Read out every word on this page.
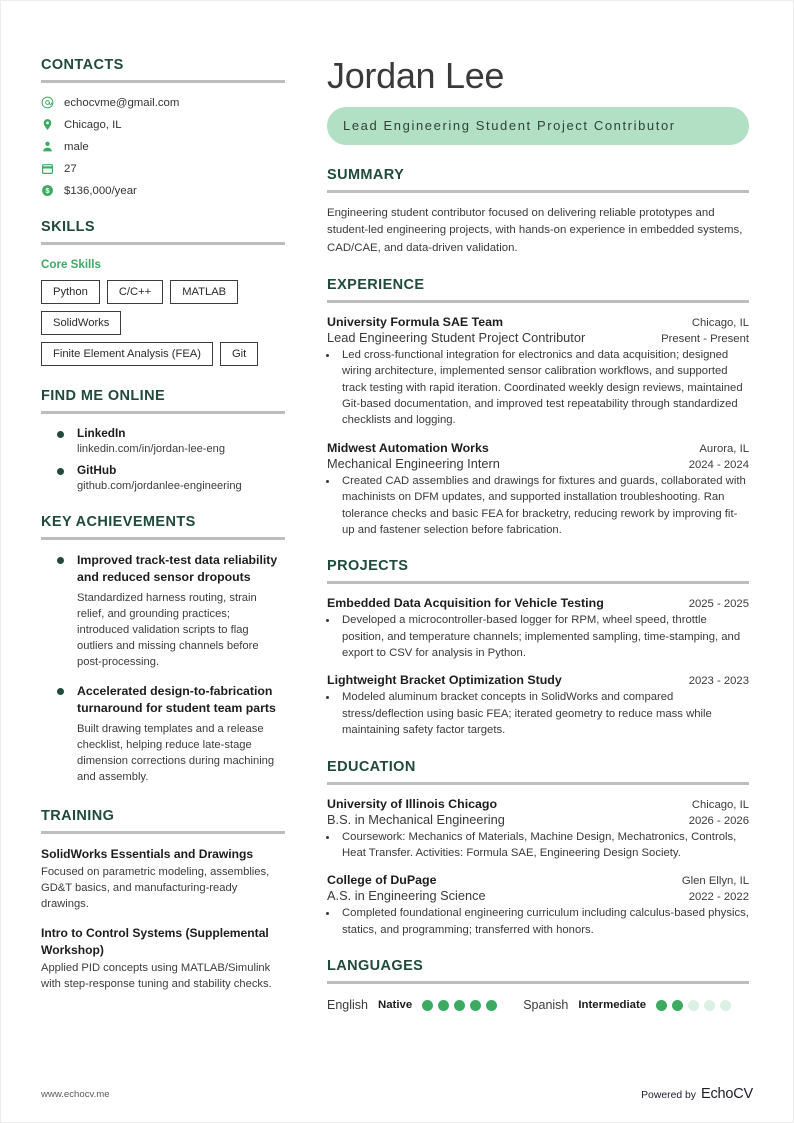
CONTACTS
echocvme@gmail.com
Chicago, IL
male
27
$ $136,000/year
SKILLS
Core Skills
Python	C/C++	MATLAB
SolidWorks
Finite Element Analysis (FEA)	Git
FIND ME ONLINE
LinkedIn
linkedin.com/in/jordan-lee-eng
GitHub
github.com/jordanlee-engineering
KEY ACHIEVEMENTS
Improved track-test data reliability and reduced sensor dropouts
Standardized harness routing, strain relief, and grounding practices; introduced validation scripts to flag outliers and missing channels before post-processing.
Accelerated design-to-fabrication turnaround for student team parts
Built drawing templates and a release checklist, helping reduce late-stage dimension corrections during machining and assembly.
TRAINING
SolidWorks Essentials and Drawings
Focused on parametric modeling, assemblies, GD&T basics, and manufacturing-ready drawings.
Intro to Control Systems (Supplemental Workshop)
Applied PID concepts using MATLAB/Simulink with step-response tuning and stability checks.
Jordan Lee
Lead Engineering Student Project Contributor
SUMMARY

Engineering student contributor focused on delivering reliable prototypes and student-led engineering projects, with hands-on experience in embedded systems, CAD/CAE, and data-driven validation.

EXPERIENCE
University Formula SAE Team	Chicago, IL
Lead Engineering Student Project Contributor	Present - Present
• Led cross-functional integration for electronics and data acquisition; designed wiring architecture, implemented sensor calibration workflows, and supported track testing with rapid iteration. Coordinated weekly design reviews, maintained Git-based documentation, and improved test repeatability through standardized checklists and logging.
Midwest Automation Works	Aurora, IL
Mechanical Engineering Intern	2024 - 2024
• Created CAD assemblies and drawings for fixtures and guards, collaborated with machinists on DFM updates, and supported installation troubleshooting. Ran tolerance checks and basic FEA for bracketry, reducing rework by improving fit-up and fastener selection before fabrication.
PROJECTS
Embedded Data Acquisition for Vehicle Testing	2025 - 2025
• Developed a microcontroller-based logger for RPM, wheel speed, throttle position, and temperature channels; implemented sampling, time-stamping, and export to CSV for analysis in Python.
Lightweight Bracket Optimization Study	2023 - 2023
• Modeled aluminum bracket concepts in SolidWorks and compared stress/deflection using basic FEA; iterated geometry to reduce mass while maintaining safety factor targets.
EDUCATION
University of Illinois Chicago	Chicago, IL
B.S. in Mechanical Engineering	2026 - 2026
• Coursework: Mechanics of Materials, Machine Design, Mechatronics, Controls, Heat Transfer. Activities: Formula SAE, Engineering Design Society.
College of DuPage	Glen Ellyn, IL
A.S. in Engineering Science	2022 - 2022
• Completed foundational engineering curriculum including calculus-based physics, statics, and programming; transferred with honors.
LANGUAGES
English Native	Spanish Intermediate
www.echocv.me	Powered by EchoCV
